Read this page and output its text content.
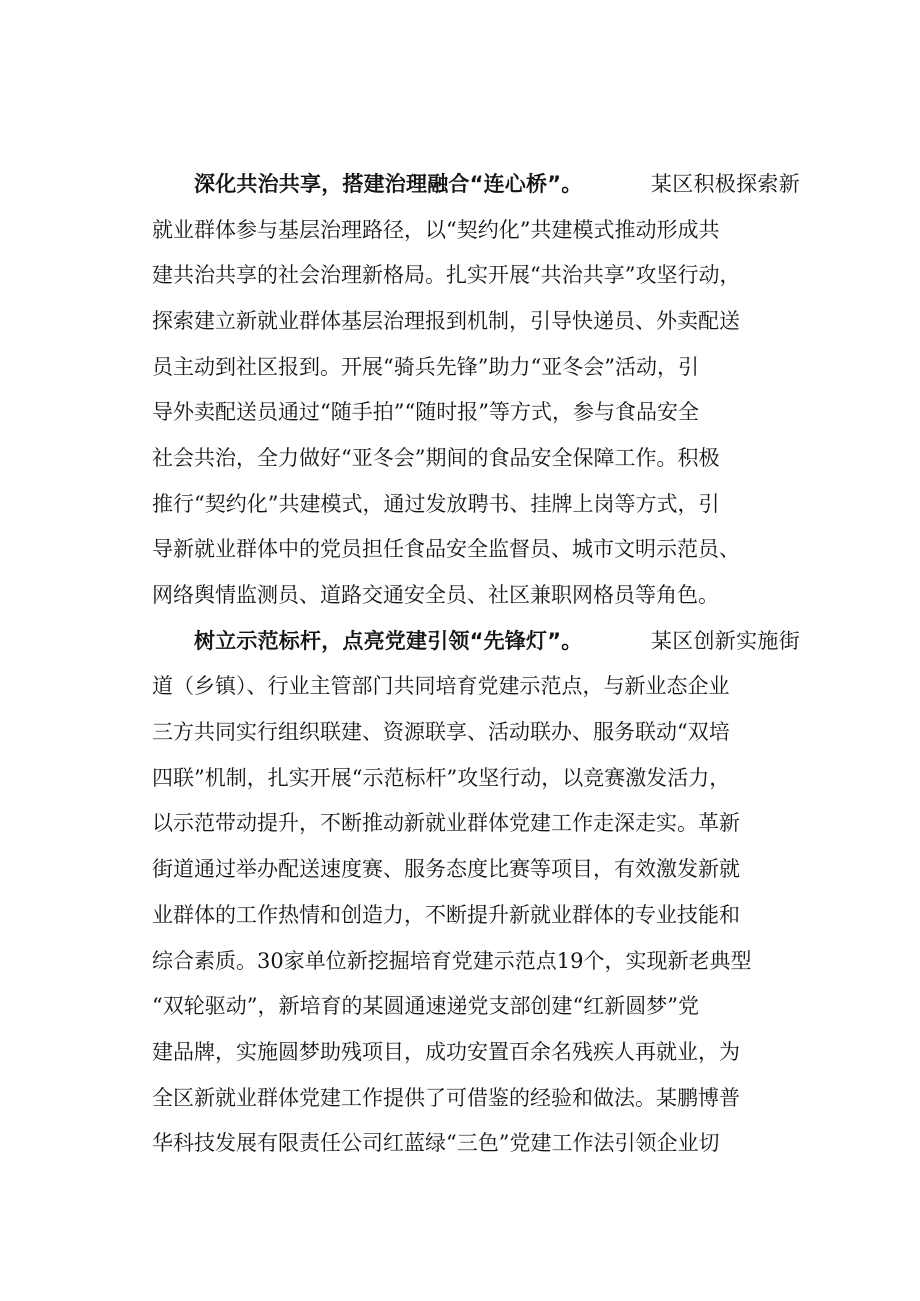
深化共治共享，搭建治理融合“连心桥”。	某区积极探索新
就业群体参与基层治理路径，以“契约化”共建模式推动形成共
建共治共享的社会治理新格局。扎实开展“共治共享”攻坚行动，
探索建立新就业群体基层治理报到机制，引导快递员、外卖配送
员主动到社区报到。开展“骑兵先锋”助力“亚冬会”活动，引
导外卖配送员通过“随手拍”“随时报”等方式，参与食品安全
社会共治，全力做好“亚冬会”期间的食品安全保障工作。积极
推行“契约化”共建模式，通过发放聘书、挂牌上岗等方式，引
导新就业群体中的党员担任食品安全监督员、城市文明示范员、
网络舆情监测员、道路交通安全员、社区兼职网格员等角色。
树立示范标杆，点亮党建引领“先锋灯”。	某区创新实施街
道（乡镇）、行业主管部门共同培育党建示范点，与新业态企业
三方共同实行组织联建、资源联享、活动联办、服务联动“双培
四联”机制，扎实开展“示范标杆”攻坚行动，以竞赛激发活力，
以示范带动提升，不断推动新就业群体党建工作走深走实。革新
街道通过举办配送速度赛、服务态度比赛等项目，有效激发新就
业群体的工作热情和创造力，不断提升新就业群体的专业技能和
综合素质。30家单位新挖掘培育党建示范点19个，实现新老典型
“双轮驱动”，新培育的某圆通速递党支部创建“红新圆梦”党
建品牌，实施圆梦助残项目，成功安置百余名残疾人再就业，为
全区新就业群体党建工作提供了可借鉴的经验和做法。某鹏博普
华科技发展有限责任公司红蓝绿“三色”党建工作法引领企业切
